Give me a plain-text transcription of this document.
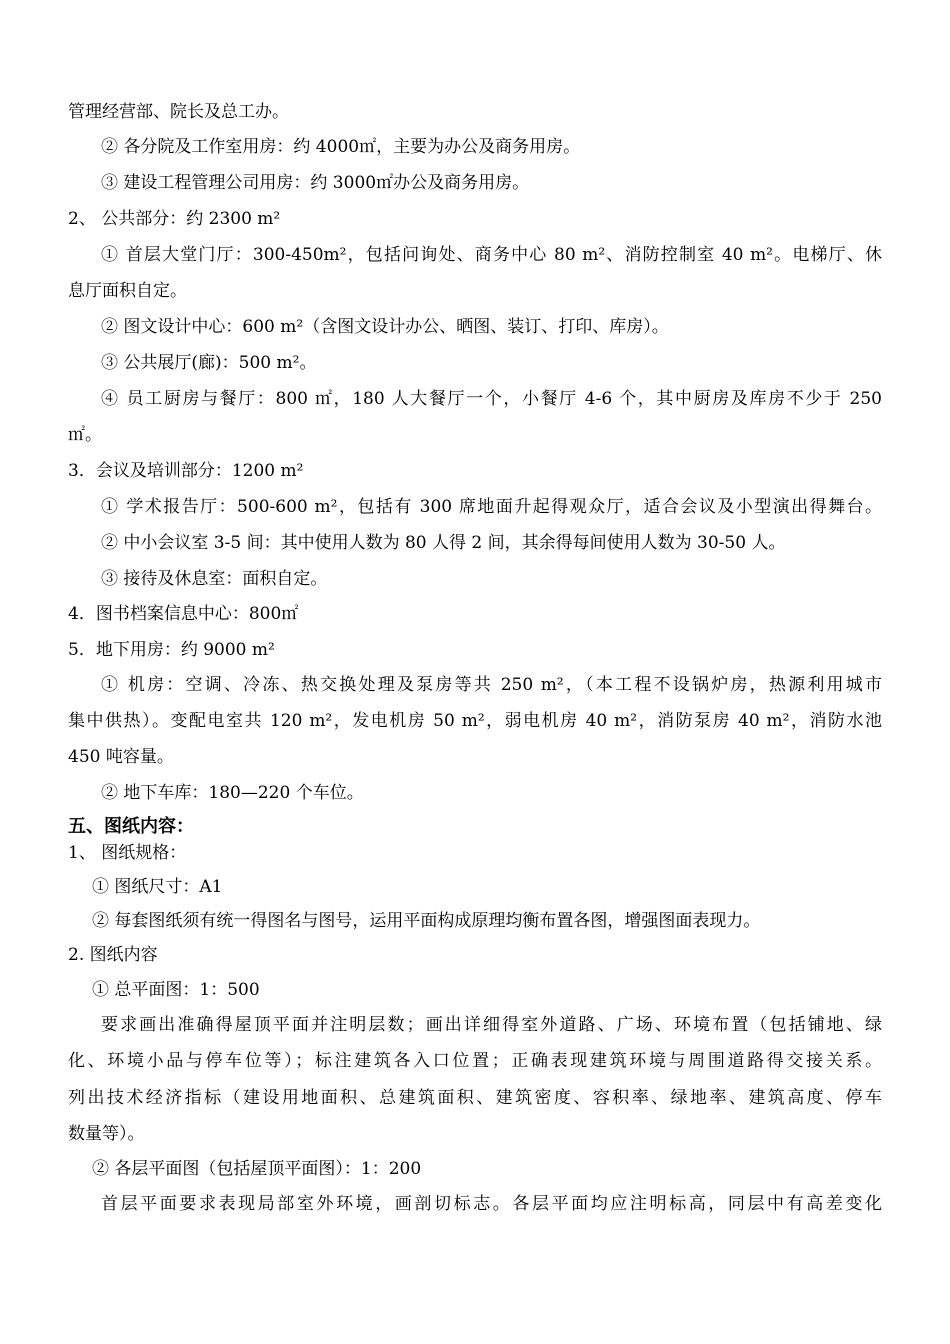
管理经营部、院长及总工办。
② 各分院及工作室用房：约 4000㎡，主要为办公及商务用房。
③ 建设工程管理公司用房：约 3000㎡办公及商务用房。
2、 公共部分：约 2300 m²
① 首层大堂门厅：300-450m²，包括问询处、商务中心 80 m²、消防控制室 40 m²。电梯厅、休
息厅面积自定。
② 图文设计中心：600 m²（含图文设计办公、晒图、装订、打印、库房）。
③ 公共展厅(廊)：500 m²。
④ 员工厨房与餐厅：800 ㎡，180 人大餐厅一个，小餐厅 4-6 个，其中厨房及库房不少于 250
㎡。
3．会议及培训部分：1200 m²
① 学术报告厅：500-600 m²，包括有 300 席地面升起得观众厅，适合会议及小型演出得舞台。
② 中小会议室 3-5 间：其中使用人数为 80 人得 2 间，其余得每间使用人数为 30-50 人。
③ 接待及休息室：面积自定。
4．图书档案信息中心：800㎡
5．地下用房：约 9000 m²
① 机房：空调、冷冻、热交换处理及泵房等共 250 m²，（本工程不设锅炉房，热源利用城市
集中供热）。变配电室共 120 m²，发电机房 50 m²，弱电机房 40 m²，消防泵房 40 m²，消防水池
450 吨容量。
② 地下车库：180—220 个车位。
五、图纸内容：
1、 图纸规格：
① 图纸尺寸：A1
② 每套图纸须有统一得图名与图号，运用平面构成原理均衡布置各图，增强图面表现力。
2. 图纸内容
① 总平面图：1：500
要求画出准确得屋顶平面并注明层数；画出详细得室外道路、广场、环境布置（包括铺地、绿
化、环境小品与停车位等）；标注建筑各入口位置；正确表现建筑环境与周围道路得交接关系。
列出技术经济指标（建设用地面积、总建筑面积、建筑密度、容积率、绿地率、建筑高度、停车
数量等）。
② 各层平面图（包括屋顶平面图）：1：200
首层平面要求表现局部室外环境，画剖切标志。各层平面均应注明标高，同层中有高差变化
